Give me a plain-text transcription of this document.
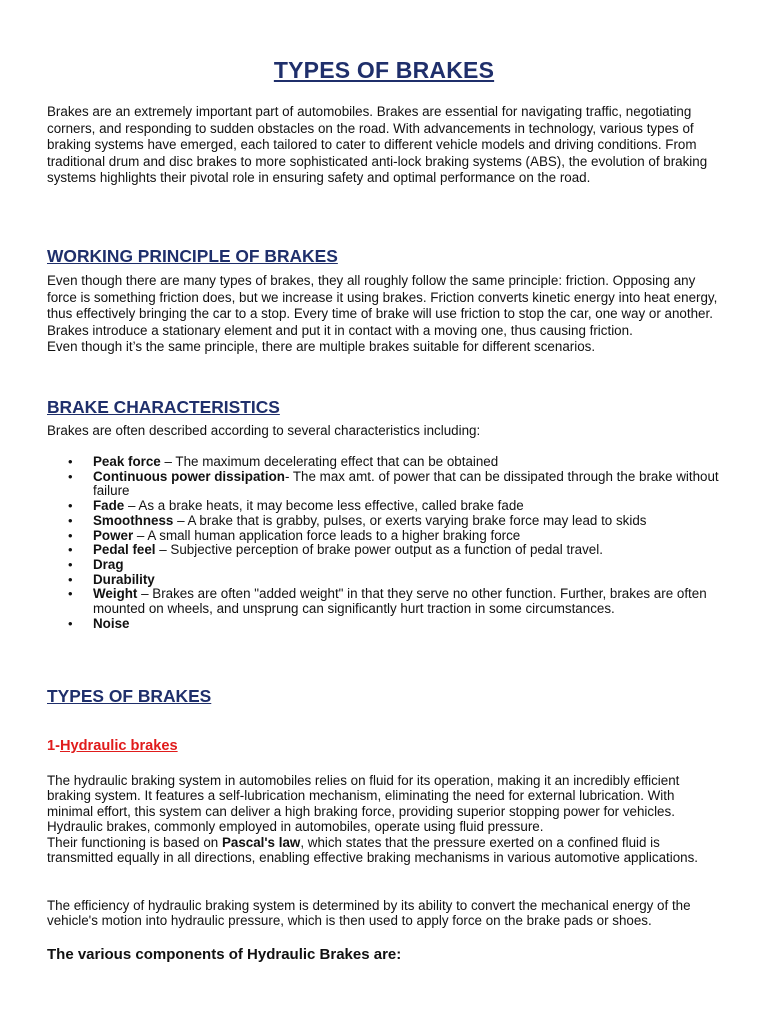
TYPES OF BRAKES

Brakes are an extremely important part of automobiles. Brakes are essential for navigating traffic, negotiating corners, and responding to sudden obstacles on the road. With advancements in technology, various types of braking systems have emerged, each tailored to cater to different vehicle models and driving conditions. From traditional drum and disc brakes to more sophisticated anti-lock braking systems (ABS), the evolution of braking systems highlights their pivotal role in ensuring safety and optimal performance on the road.

WORKING PRINCIPLE OF BRAKES

Even though there are many types of brakes, they all roughly follow the same principle: friction. Opposing any force is something friction does, but we increase it using brakes. Friction converts kinetic energy into heat energy, thus effectively bringing the car to a stop. Every time of brake will use friction to stop the car, one way or another. Brakes introduce a stationary element and put it in contact with a moving one, thus causing friction.

Even though it’s the same principle, there are multiple brakes suitable for different scenarios.

BRAKE CHARACTERISTICS

Brakes are often described according to several characteristics including:

• Peak force – The maximum decelerating effect that can be obtained
• Continuous power dissipation- The max amt. of power that can be dissipated through the brake without failure
• Fade – As a brake heats, it may become less effective, called brake fade
• Smoothness – A brake that is grabby, pulses, or exerts varying brake force may lead to skids
• Power – A small human application force leads to a higher braking force
• Pedal feel – Subjective perception of brake power output as a function of pedal travel.
• Drag
• Durability
• Weight – Brakes are often "added weight" in that they serve no other function. Further, brakes are often mounted on wheels, and unsprung can significantly hurt traction in some circumstances.
• Noise
TYPES OF BRAKES
1-Hydraulic brakes

The hydraulic braking system in automobiles relies on fluid for its operation, making it an incredibly efficient braking system. It features a self-lubrication mechanism, eliminating the need for external lubrication. With minimal effort, this system can deliver a high braking force, providing superior stopping power for vehicles. Hydraulic brakes, commonly employed in automobiles, operate using fluid pressure.

Their functioning is based on Pascal's law, which states that the pressure exerted on a confined fluid is transmitted equally in all directions, enabling effective braking mechanisms in various automotive applications.

The efficiency of hydraulic braking system is determined by its ability to convert the mechanical energy of the vehicle's motion into hydraulic pressure, which is then used to apply force on the brake pads or shoes.

The various components of Hydraulic Brakes are:
